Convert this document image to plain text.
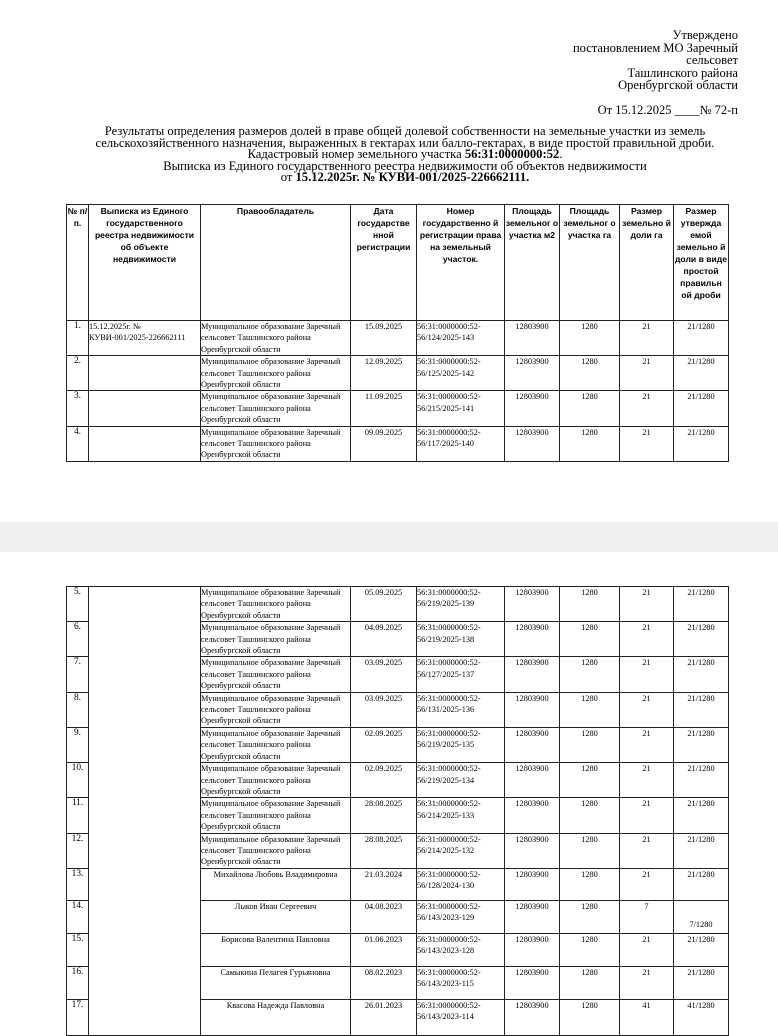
Утверждено
постановлением МО Заречный
сельсовет
Ташлинского района
Оренбургской области
От 15.12.2025 ____№ 72-п
Результаты определения размеров долей в праве общей долевой собственности на земельные участки из земель
сельскохозяйственного назначения, выраженных в гектарах или балло-гектарах, в виде простой правильной дроби.
Кадастровый номер земельного участка 56:31:0000000:52.
Выписка из Единого государственного реестра недвижимости об объектов недвижимости
от 15.12.2025г. № КУВИ-001/2025-226662111.
№ п/ п.	Выписка из Единого государственного реестра недвижимости об объекте недвижимости	Правообладатель	Дата государстве нной регистрации	Номер государственно й регистрации права на земельный участок.	Площадь земельног о участка м2	Площадь земельног о участка га	Размер земельно й доли га	Размер утвержда емой земельно й доли в виде простой правильн ой дроби
1.	15.12.2025г. № КУВИ-001/2025-226662111	Муниципальное образование Заречный сельсовет Ташлинского района Оренбургской области	15.09.2025	56:31:0000000:52-56/124/2025-143	12803900	1280	21	21/1280
2.		Муниципальное образование Заречный сельсовет Ташлинского района Оренбургской области	12.09.2025	56:31:0000000:52-56/125/2025-142	12803900	1280	21	21/1280
3.		Муниципальное образование Заречный сельсовет Ташлинского района Оренбургской области	11.09.2025	56:31:0000000:52-56/215/2025-141	12803900	1280	21	21/1280
4.		Муниципальное образование Заречный сельсовет Ташлинского района Оренбургской области	09.09.2025	56:31:0000000:52-56/117/2025-140	12803900	1280	21	21/1280
5.		Муниципальное образование Заречный сельсовет Ташлинского района Оренбургской области	05.09.2025	56:31:0000000:52-56/219/2025-139	12803900	1280	21	21/1280
6.		Муниципальное образование Заречный сельсовет Ташлинского района Оренбургской области	04.09.2025	56:31:0000000:52-56/219/2025-138	12803900	1280	21	21/1280
7.		Муниципальное образование Заречный сельсовет Ташлинского района Оренбургской области	03.09.2025	56:31:0000000:52-56/127/2025-137	12803900	1280	21	21/1280
8.		Муниципальное образование Заречный сельсовет Ташлинского района Оренбургской области	03.09.2025	56:31:0000000:52-56/131/2025-136	12803900	1280	21	21/1280
9.		Муниципальное образование Заречный сельсовет Ташлинского района Оренбургской области	02.09.2025	56:31:0000000:52-56/219/2025-135	12803900	1280	21	21/1280
10.		Муниципальное образование Заречный сельсовет Ташлинского района Оренбургской области	02.09.2025	56:31:0000000:52-56/219/2025-134	12803900	1280	21	21/1280
11.		Муниципальное образование Заречный сельсовет Ташлинского района Оренбургской области	28.08.2025	56:31:0000000:52-56/214/2025-133	12803900	1280	21	21/1280
12.		Муниципальное образование Заречный сельсовет Ташлинского района Оренбургской области	28.08.2025	56:31:0000000:52-56/214/2025-132	12803900	1280	21	21/1280
13.		Михайлова Любовь Владимировна	21.03.2024	56:31:0000000:52-56/128/2024-130	12803900	1280	21	21/1280
14.		Лыков Иван Сергеевич	04.08.2023	56:31:0000000:52-56/143/2023-129	12803900	1280	7	7/1280
15.		Борисова Валентина Павловна	01.06.2023	56:31:0000000:52-56/143/2023-128	12803900	1280	21	21/1280
16.		Самыкина Пелагея Гурьяновна	08.02.2023	56:31:0000000:52-56/143/2023-115	12803900	1280	21	21/1280
17.		Квасова Надежда Павловна	26.01.2023	56:31:0000000:52-56/143/2023-114	12803900	1280	41	41/1280
